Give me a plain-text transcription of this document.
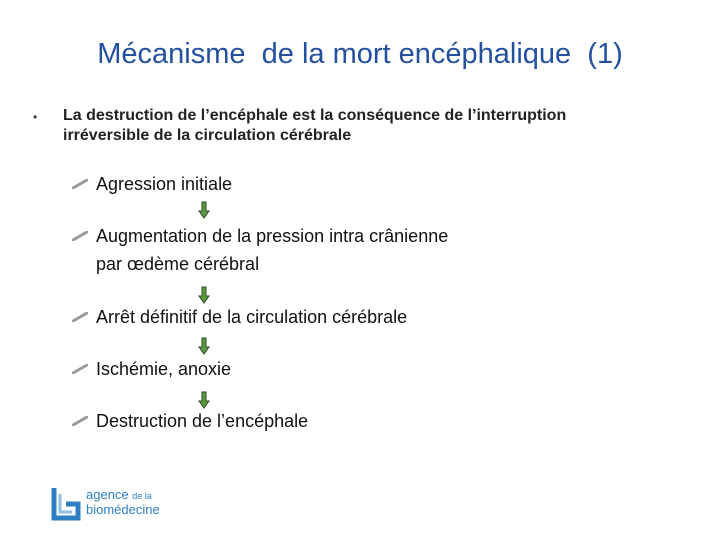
Mécanisme  de la mort encéphalique  (1)
• La destruction de l’encéphale est la conséquence de l’interruption
irréversible de la circulation cérébrale
Agression initiale
Augmentation de la pression intra crânienne
par œdème cérébral
Arrêt définitif de la circulation cérébrale
Ischémie, anoxie
Destruction de l’encéphale
agence de la
biomédecine
